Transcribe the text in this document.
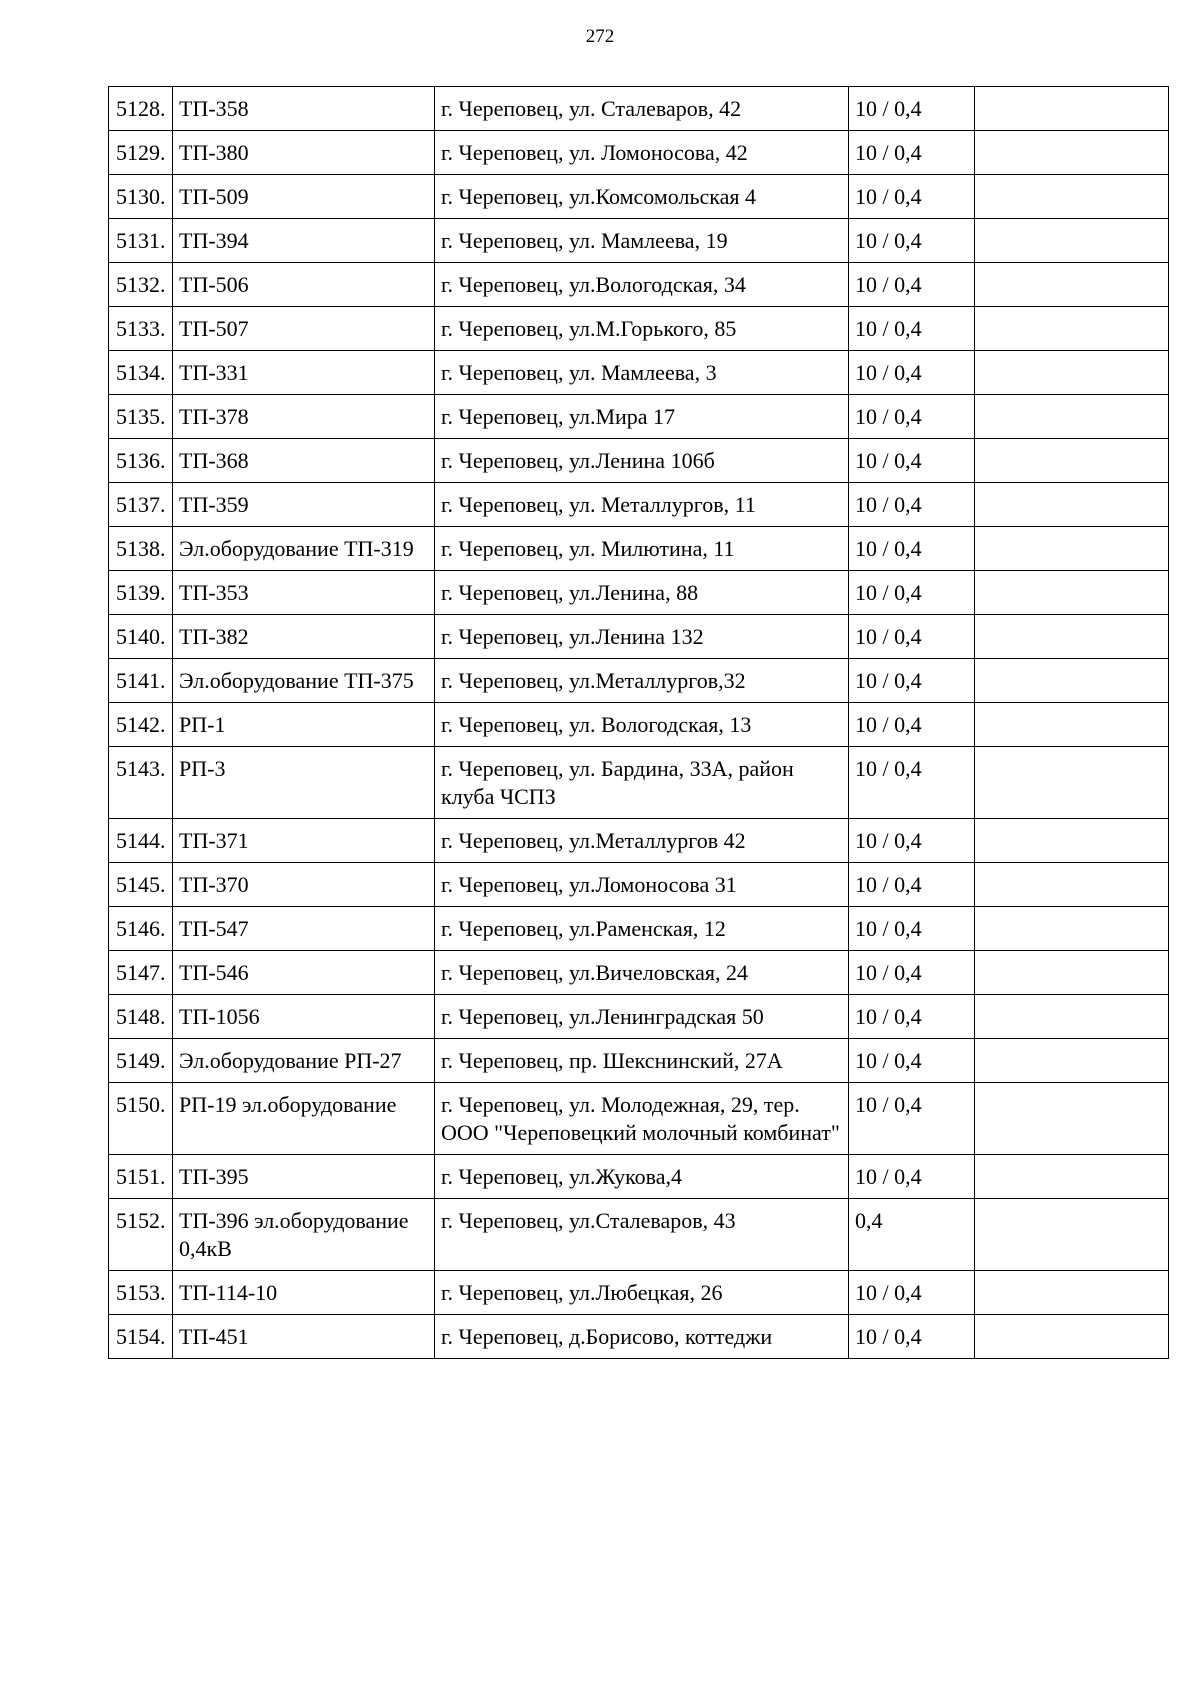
272
5128.	ТП-358	г. Череповец, ул. Сталеваров, 42	10 / 0,4	
5129.	ТП-380	г. Череповец, ул. Ломоносова, 42	10 / 0,4	
5130.	ТП-509	г. Череповец, ул.Комсомольская 4	10 / 0,4	
5131.	ТП-394	г. Череповец, ул. Мамлеева, 19	10 / 0,4	
5132.	ТП-506	г. Череповец, ул.Вологодская, 34	10 / 0,4	
5133.	ТП-507	г. Череповец, ул.М.Горького, 85	10 / 0,4	
5134.	ТП-331	г. Череповец, ул. Мамлеева, 3	10 / 0,4	
5135.	ТП-378	г. Череповец, ул.Мира 17	10 / 0,4	
5136.	ТП-368	г. Череповец, ул.Ленина 106б	10 / 0,4	
5137.	ТП-359	г. Череповец, ул. Металлургов, 11	10 / 0,4	
5138.	Эл.оборудование ТП-319	г. Череповец, ул. Милютина, 11	10 / 0,4	
5139.	ТП-353	г. Череповец, ул.Ленина, 88	10 / 0,4	
5140.	ТП-382	г. Череповец, ул.Ленина 132	10 / 0,4	
5141.	Эл.оборудование ТП-375	г. Череповец, ул.Металлургов,32	10 / 0,4	
5142.	РП-1	г. Череповец, ул. Вологодская, 13	10 / 0,4	
5143.	РП-3	г. Череповец, ул. Бардина, 33А, район клуба ЧСПЗ	10 / 0,4	
5144.	ТП-371	г. Череповец, ул.Металлургов 42	10 / 0,4	
5145.	ТП-370	г. Череповец, ул.Ломоносова 31	10 / 0,4	
5146.	ТП-547	г. Череповец, ул.Раменская, 12	10 / 0,4	
5147.	ТП-546	г. Череповец, ул.Вичеловская, 24	10 / 0,4	
5148.	ТП-1056	г. Череповец, ул.Ленинградская 50	10 / 0,4	
5149.	Эл.оборудование РП-27	г. Череповец, пр. Шекснинский, 27А	10 / 0,4	
5150.	РП-19 эл.оборудование	г. Череповец, ул. Молодежная, 29, тер. ООО "Череповецкий молочный комбинат"	10 / 0,4	
5151.	ТП-395	г. Череповец, ул.Жукова,4	10 / 0,4	
5152.	ТП-396 эл.оборудование 0,4кВ	г. Череповец, ул.Сталеваров, 43	0,4	
5153.	ТП-114-10	г. Череповец, ул.Любецкая, 26	10 / 0,4	
5154.	ТП-451	г. Череповец, д.Борисово, коттеджи	10 / 0,4	
